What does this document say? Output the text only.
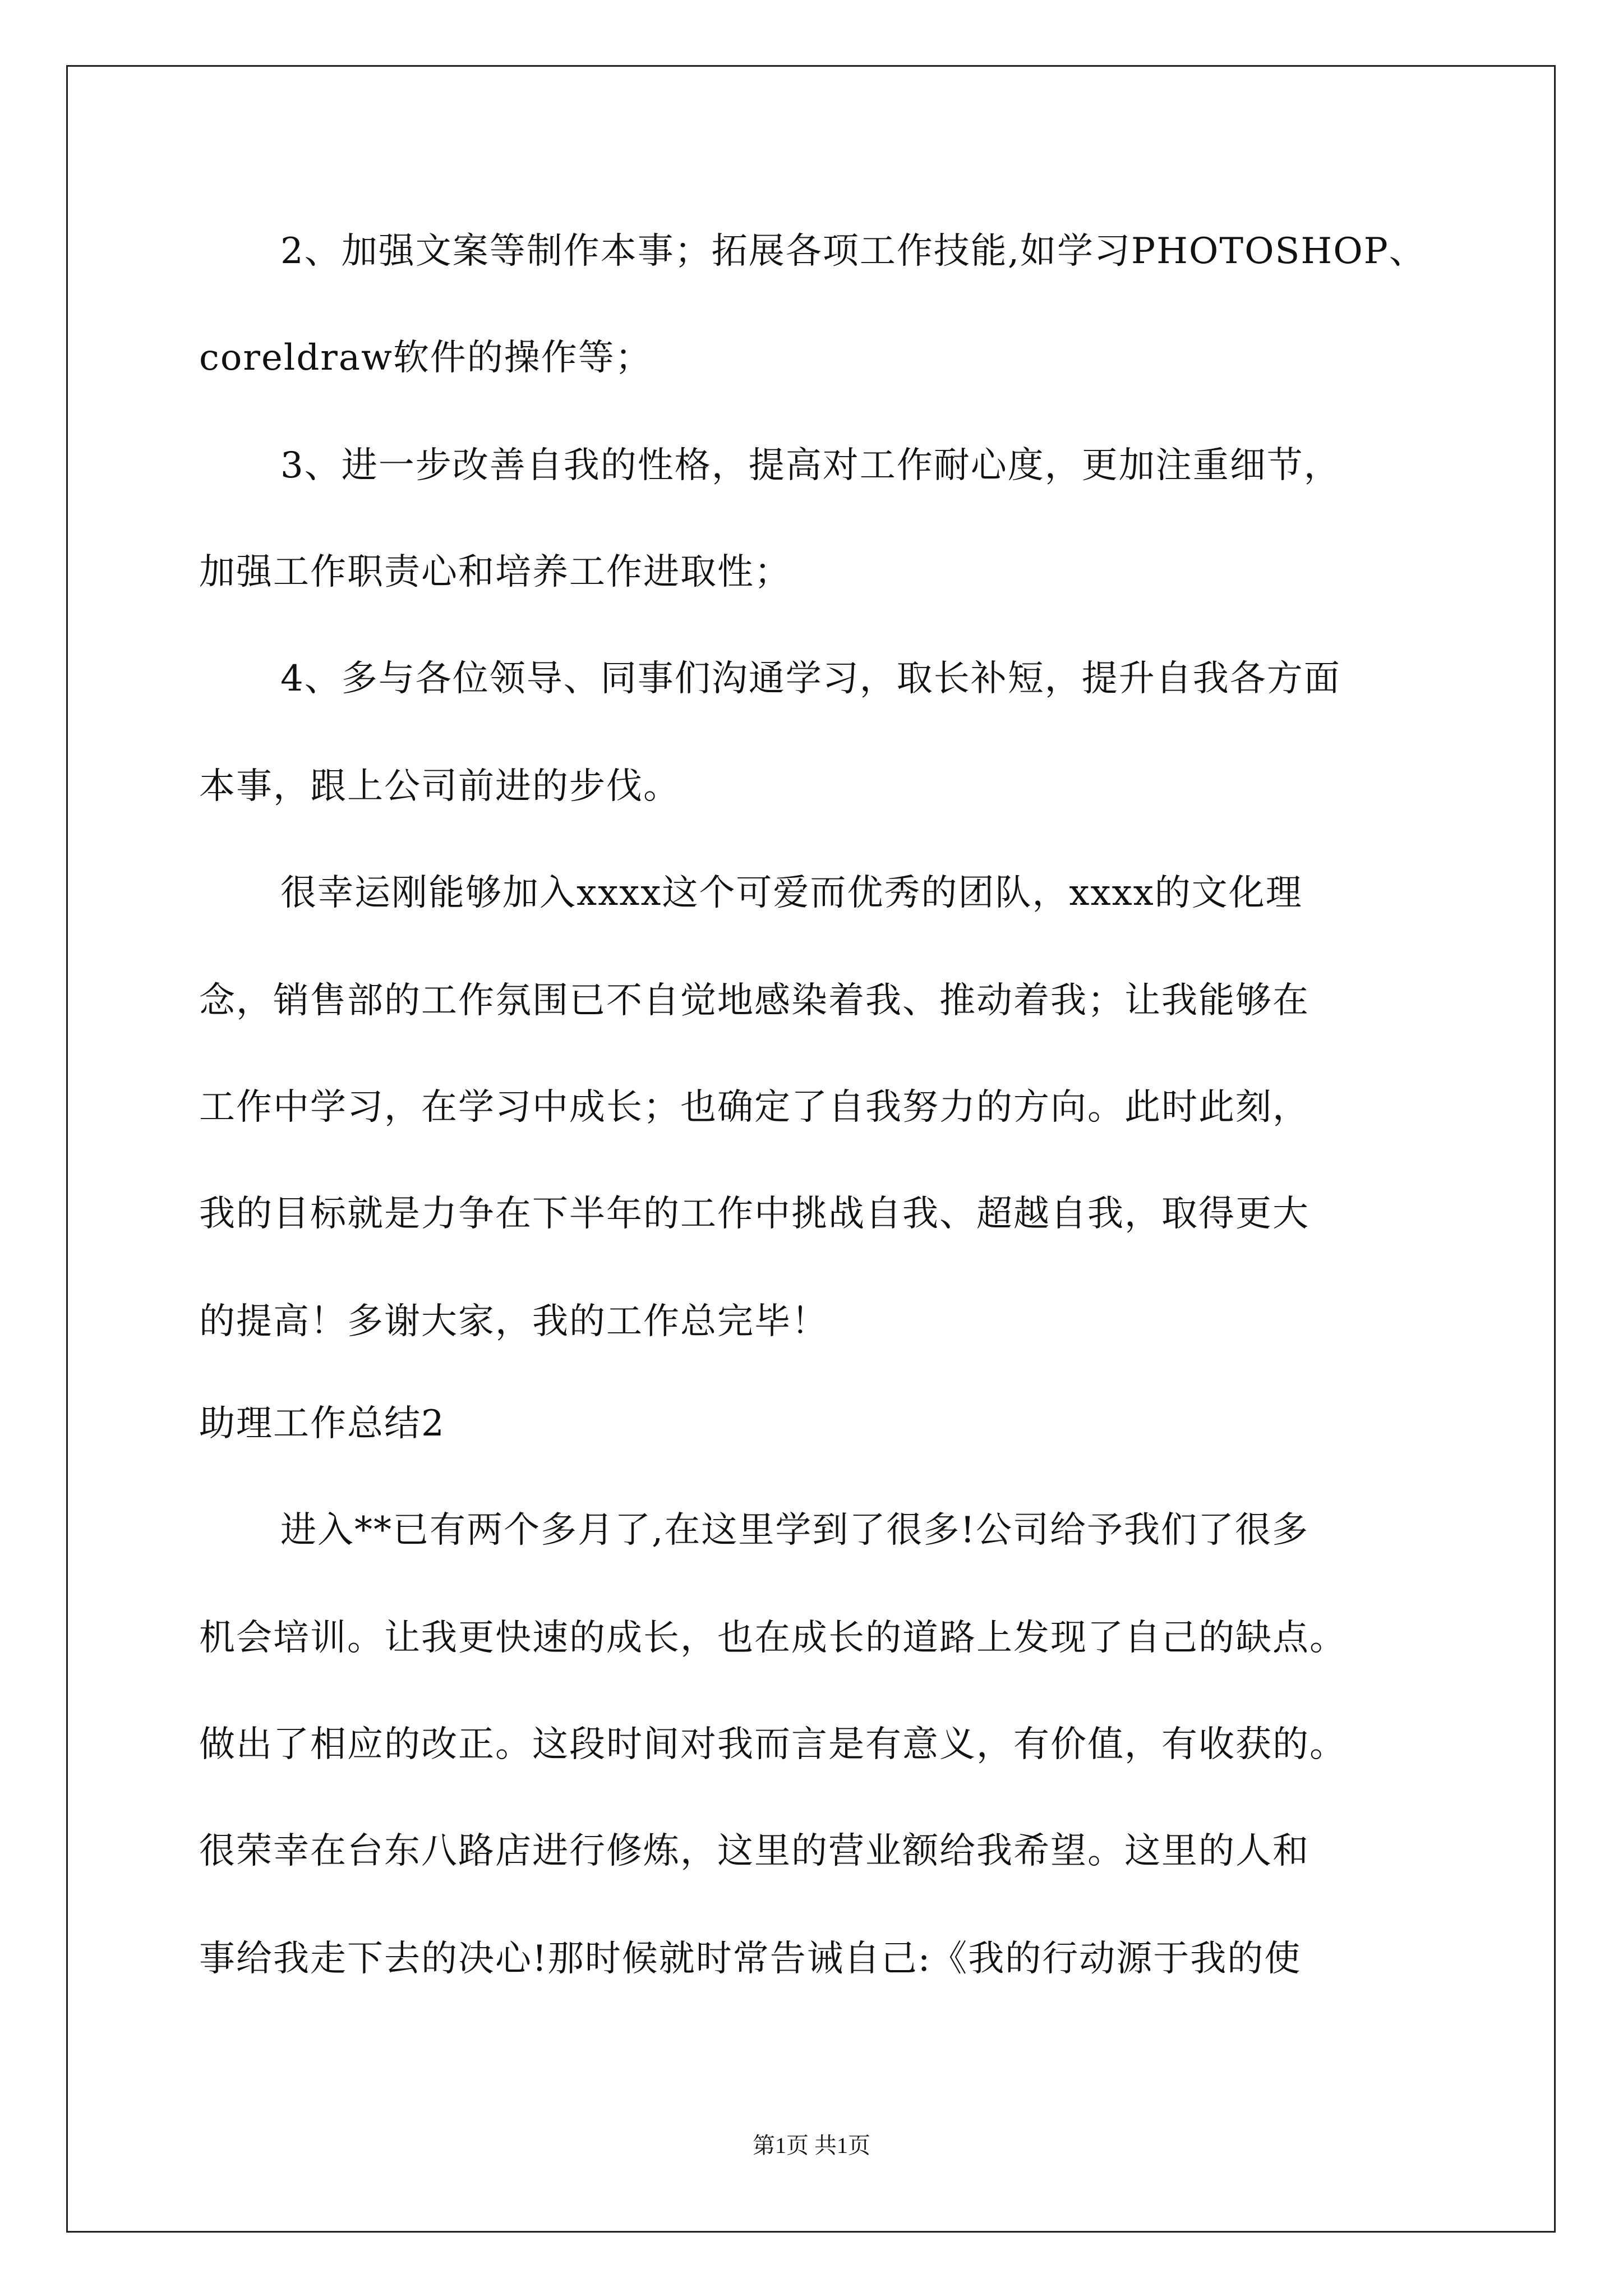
2、加强文案等制作本事；拓展各项工作技能,如学习PHOTOSHOP、
coreldraw软件的操作等；
3、进一步改善自我的性格，提高对工作耐心度，更加注重细节，
加强工作职责心和培养工作进取性；
4、多与各位领导、同事们沟通学习，取长补短，提升自我各方面
本事，跟上公司前进的步伐。
很幸运刚能够加入xxxx这个可爱而优秀的团队，xxxx的文化理
念，销售部的工作氛围已不自觉地感染着我、推动着我；让我能够在
工作中学习，在学习中成长；也确定了自我努力的方向。此时此刻，
我的目标就是力争在下半年的工作中挑战自我、超越自我，取得更大
的提高！多谢大家，我的工作总完毕！
助理工作总结2
进入**已有两个多月了,在这里学到了很多!公司给予我们了很多
机会培训。让我更快速的成长，也在成长的道路上发现了自己的缺点。
做出了相应的改正。这段时间对我而言是有意义，有价值，有收获的。
很荣幸在台东八路店进行修炼，这里的营业额给我希望。这里的人和
事给我走下去的决心!那时候就时常告诫自己:《我的行动源于我的使
第1页 共1页
